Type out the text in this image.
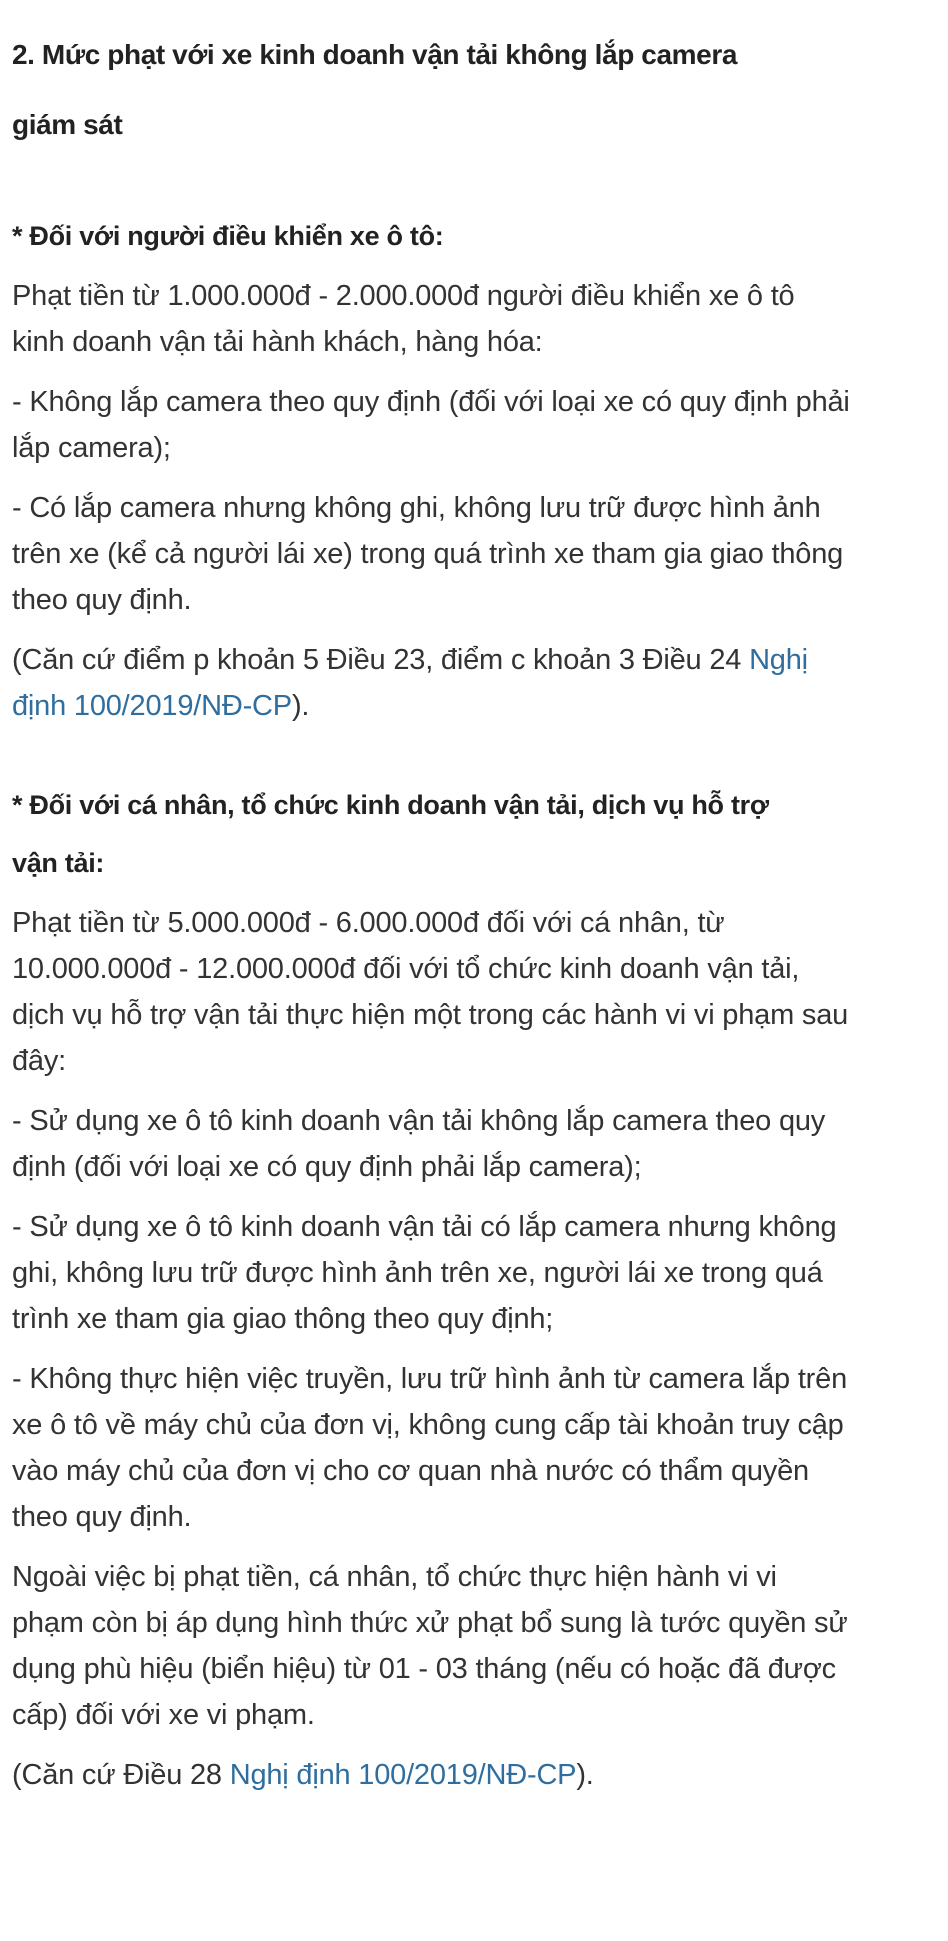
2. Mức phạt với xe kinh doanh vận tải không lắp camera
giám sát

* Đối với người điều khiển xe ô tô:

Phạt tiền từ 1.000.000đ - 2.000.000đ người điều khiển xe ô tô kinh doanh vận tải hành khách, hàng hóa:

- Không lắp camera theo quy định (đối với loại xe có quy định phải lắp camera);

- Có lắp camera nhưng không ghi, không lưu trữ được hình ảnh trên xe (kể cả người lái xe) trong quá trình xe tham gia giao thông theo quy định.

(Căn cứ điểm p khoản 5 Điều 23, điểm c khoản 3 Điều 24 Nghị định 100/2019/NĐ-CP).

* Đối với cá nhân, tổ chức kinh doanh vận tải, dịch vụ hỗ trợ
vận tải:

Phạt tiền từ 5.000.000đ - 6.000.000đ đối với cá nhân, từ 10.000.000đ - 12.000.000đ đối với tổ chức kinh doanh vận tải, dịch vụ hỗ trợ vận tải thực hiện một trong các hành vi vi phạm sau đây:

- Sử dụng xe ô tô kinh doanh vận tải không lắp camera theo quy định (đối với loại xe có quy định phải lắp camera);

- Sử dụng xe ô tô kinh doanh vận tải có lắp camera nhưng không ghi, không lưu trữ được hình ảnh trên xe, người lái xe trong quá trình xe tham gia giao thông theo quy định;

- Không thực hiện việc truyền, lưu trữ hình ảnh từ camera lắp trên xe ô tô về máy chủ của đơn vị, không cung cấp tài khoản truy cập vào máy chủ của đơn vị cho cơ quan nhà nước có thẩm quyền theo quy định.

Ngoài việc bị phạt tiền, cá nhân, tổ chức thực hiện hành vi vi phạm còn bị áp dụng hình thức xử phạt bổ sung là tước quyền sử dụng phù hiệu (biển hiệu) từ 01 - 03 tháng (nếu có hoặc đã được cấp) đối với xe vi phạm.

(Căn cứ Điều 28 Nghị định 100/2019/NĐ-CP).
